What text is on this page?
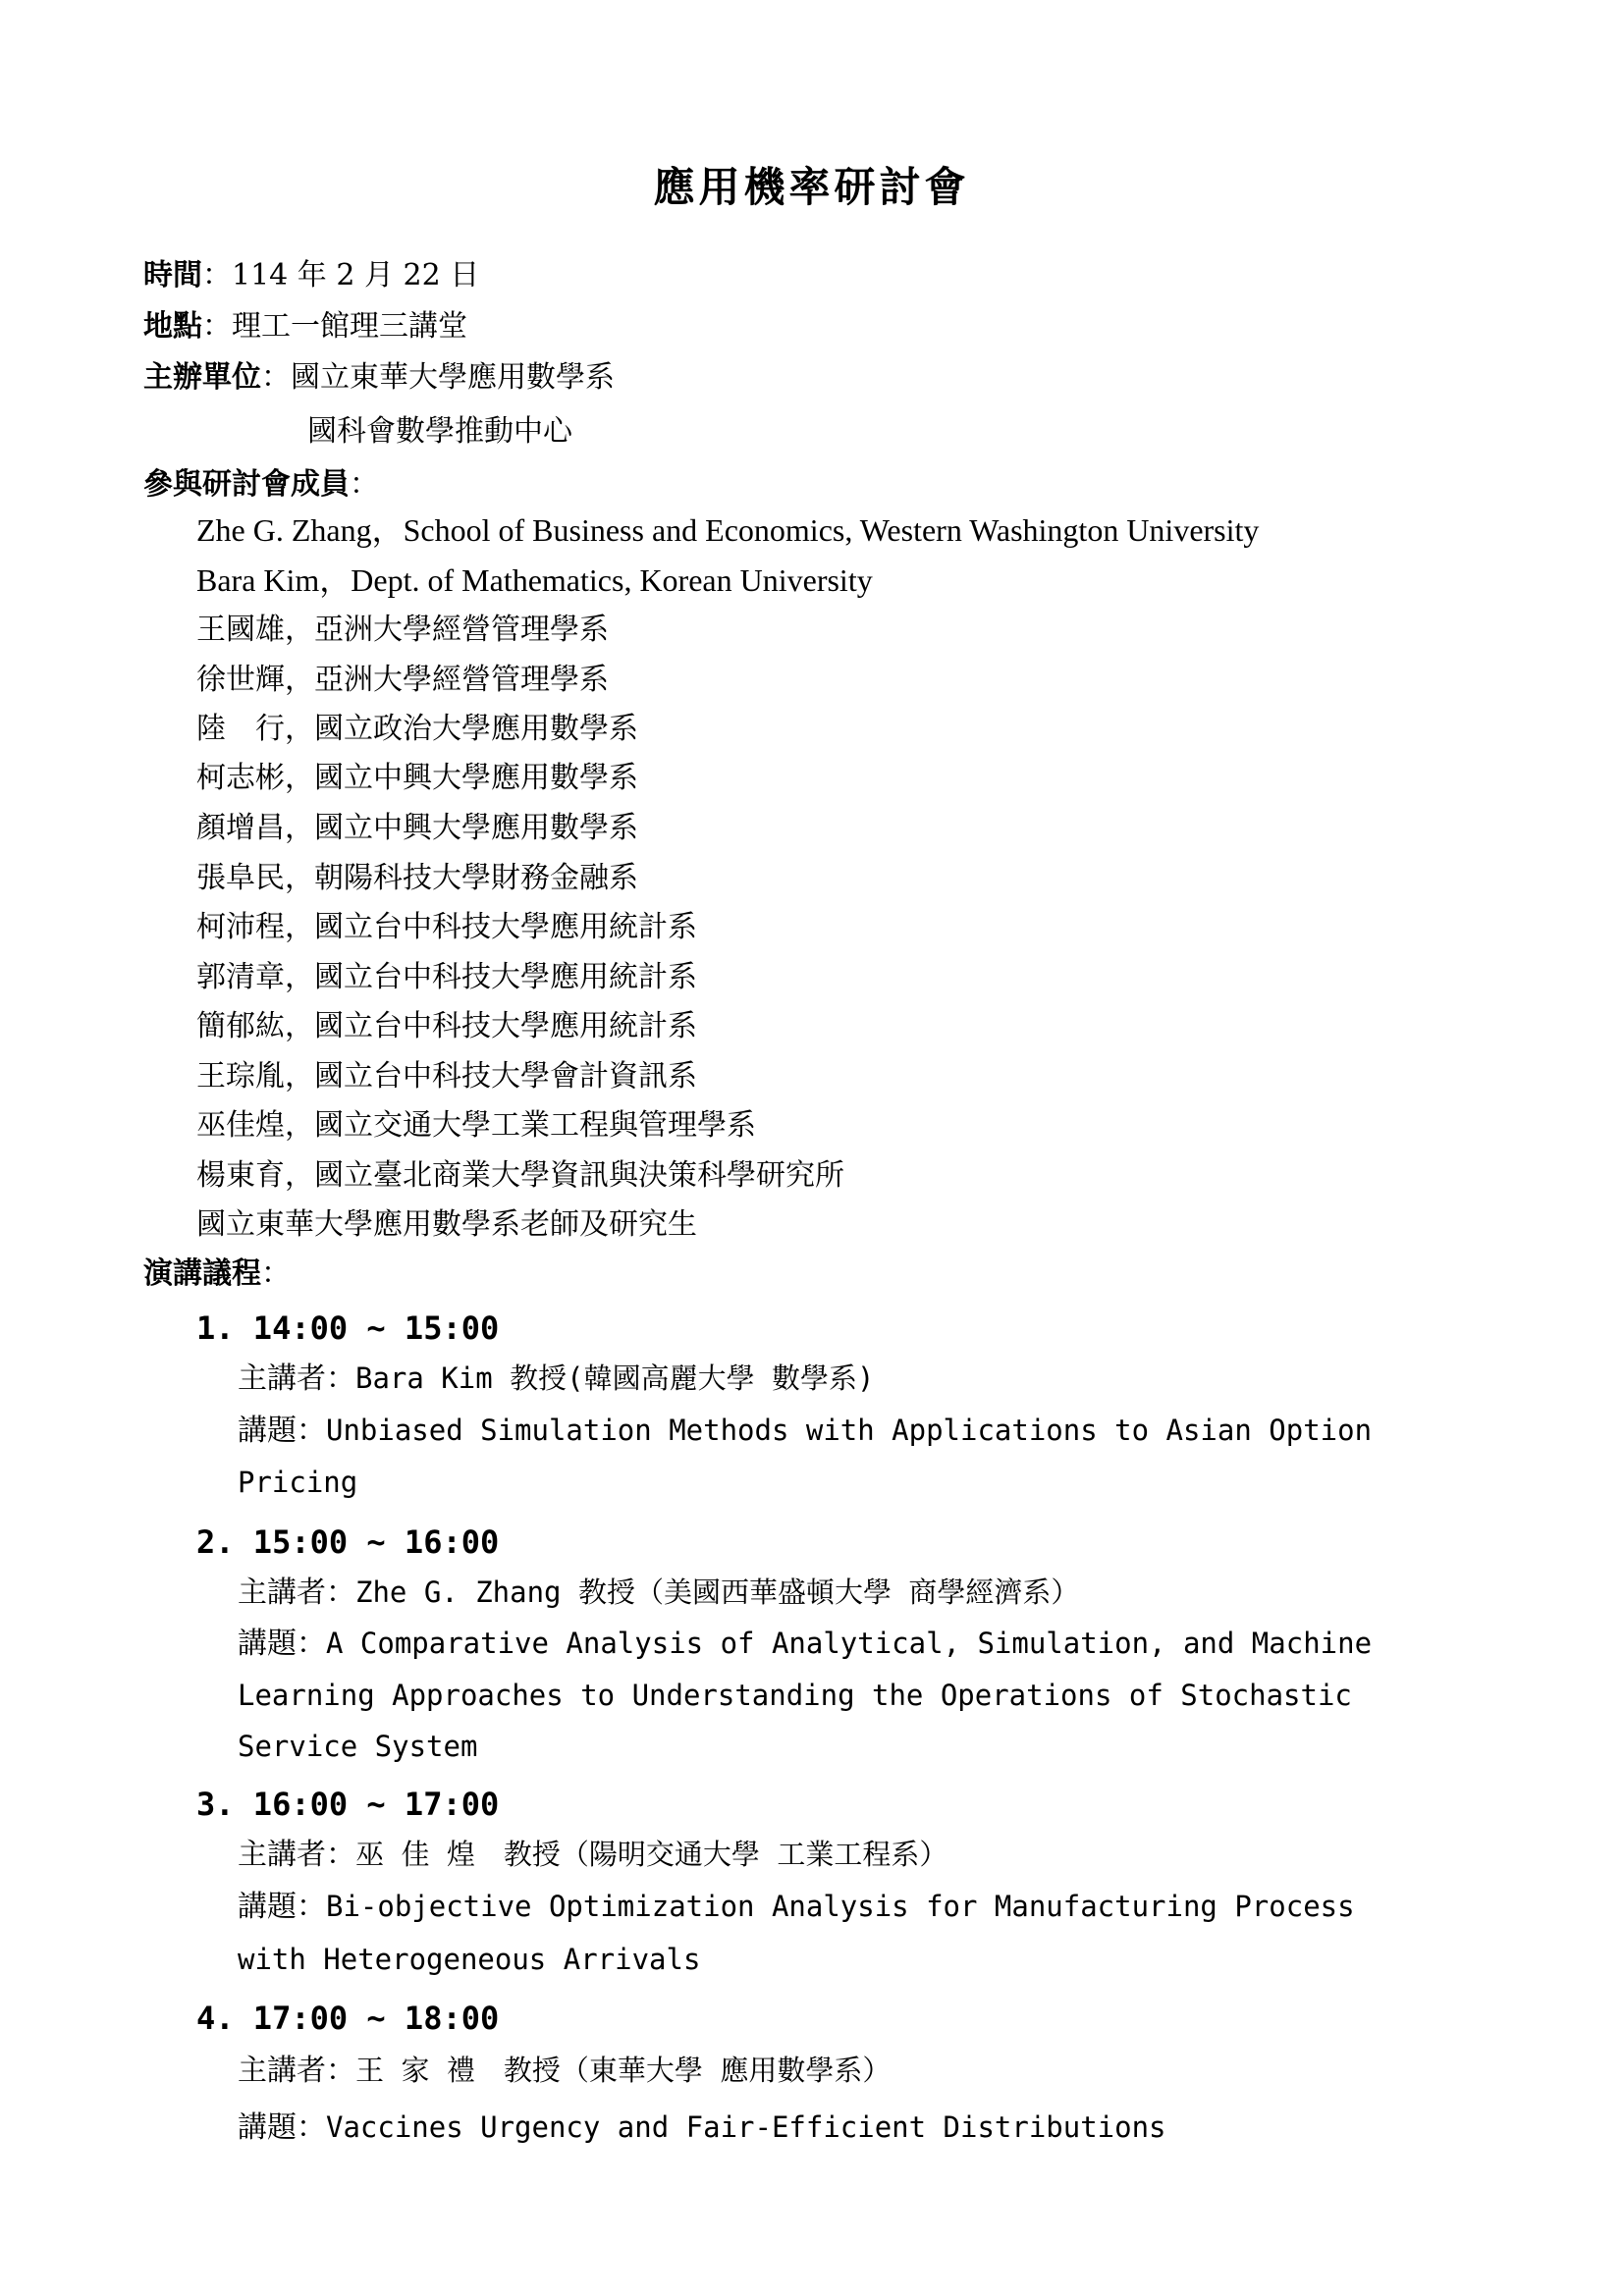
應用機率研討會
時間：114 年 2 月 22 日
地點：理工一館理三講堂
主辦單位：國立東華大學應用數學系
國科會數學推動中心
參與研討會成員：
Zhe G. Zhang，School of Business and Economics, Western Washington University
Bara Kim，Dept. of Mathematics, Korean University
王國雄，亞洲大學經營管理學系
徐世輝，亞洲大學經營管理學系
陸　行，國立政治大學應用數學系
柯志彬，國立中興大學應用數學系
顏增昌，國立中興大學應用數學系
張阜民，朝陽科技大學財務金融系
柯沛程，國立台中科技大學應用統計系
郭清章，國立台中科技大學應用統計系
簡郁紘，國立台中科技大學應用統計系
王琮胤，國立台中科技大學會計資訊系
巫佳煌，國立交通大學工業工程與管理學系
楊東育，國立臺北商業大學資訊與決策科學研究所
國立東華大學應用數學系老師及研究生
演講議程：
1. 14:00 ~ 15:00
主講者：Bara Kim 教授(韓國高麗大學 數學系)
講題：Unbiased Simulation Methods with Applications to Asian Option
Pricing
2. 15:00 ~ 16:00
主講者：Zhe G. Zhang 教授（美國西華盛頓大學 商學經濟系）
講題：A Comparative Analysis of Analytical, Simulation, and Machine
Learning Approaches to Understanding the Operations of Stochastic
Service System
3. 16:00 ~ 17:00
主講者：巫 佳 煌　教授（陽明交通大學 工業工程系）
講題：Bi-objective Optimization Analysis for Manufacturing Process
with Heterogeneous Arrivals
4. 17:00 ~ 18:00
主講者：王 家 禮　教授（東華大學 應用數學系）
講題：Vaccines Urgency and Fair-Efficient Distributions
